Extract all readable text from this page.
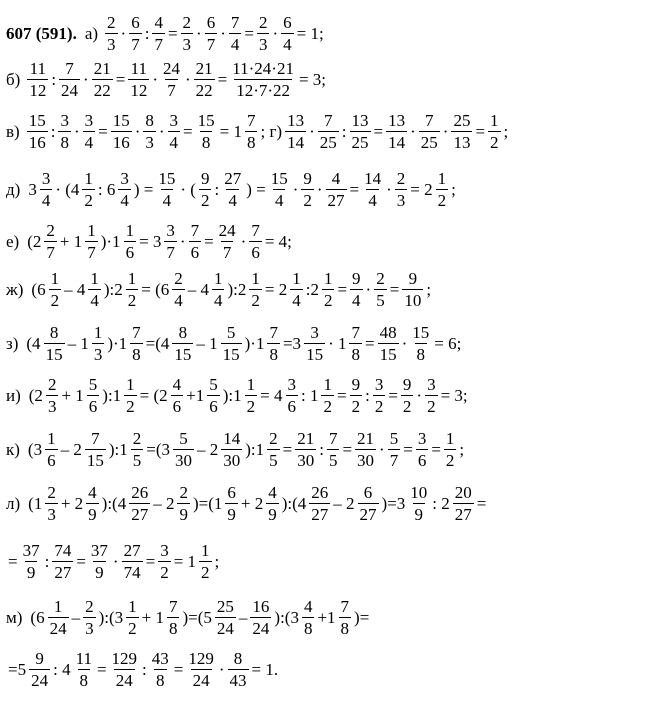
607 (591). $а) \frac{2}{3} \cdot \frac{6}{7}$ : $\frac{4}{7} = \frac{2}{3} \cdot \frac{6}{7} \cdot \frac{7}{4} = \frac{2}{3} \cdot \frac{6}{4} = 1$;
$б) \frac{11}{12}$ : $\frac{7}{24} \cdot \frac{21}{22} = \frac{11}{12} \cdot \frac{24}{7} \cdot \frac{21}{22} = \frac{11\cdot 24\cdot 21}{12\cdot 7\cdot 22} = 3$;
$в) \frac{15}{16}$ : $\frac{3}{8} \cdot \frac{3}{4} = \frac{15}{16} \cdot \frac{8}{3} \cdot \frac{3}{4} = \frac{15}{8} = 1 \frac{7}{8}$ ; $г) \frac{13}{14} \cdot \frac{7}{25}$ : $\frac{13}{25} = \frac{13}{14} \cdot \frac{7}{25} \cdot \frac{25}{13} = \frac{1}{2}$ ;
д) $3 \frac{3}{4} \cdot (4 \frac{1}{2}$ : $6 \frac{3}{4}$ ) = $\frac{15}{4}$ · ( $\frac{9}{2}$ : $\frac{27}{4}$ ) = $\frac{15}{4} \cdot \frac{9}{2} \cdot \frac{4}{27} = \frac{14}{4} \cdot \frac{2}{3} = 2 \frac{1}{2}$ ;
е) $(2 \frac{2}{7} + 1 \frac{1}{7} )\cdot 1 \frac{1}{6} = 3 \frac{3}{7} \cdot \frac{7}{6} = \frac{24}{7} \cdot \frac{7}{6} = 4$;
ж) ($6 \frac{1}{2} - 4 \frac{1}{4}$ ):2 $\frac{1}{2} = (6 \frac{2}{4} - 4 \frac{1}{4}$ ):2 $\frac{1}{2} = 2 \frac{1}{4}$ :2 $\frac{1}{2} = \frac{9}{4} \cdot \frac{2}{5} = \frac{9}{10}$ ;
з) $(4 \frac{8}{15} - 1 \frac{1}{3} )\cdot 1 \frac{7}{8} =(4 \frac{8}{15} - 1 \frac{5}{15} )\cdot 1 \frac{7}{8} =3 \frac{3}{15} \cdot 1 \frac{7}{8} = \frac{48}{15} \cdot \frac{15}{8} = 6$;
и) ($2 \frac{2}{3} + 1 \frac{5}{6}$ ):1 $\frac{1}{2} = (2 \frac{4}{6} +1 \frac{5}{6}$ ):1 $\frac{1}{2} = 4 \frac{3}{6}$ : $1 \frac{1}{2} = \frac{9}{2}$ : $\frac{3}{2} = \frac{9}{2} \cdot \frac{3}{2} = 3$;
к) ($3 \frac{1}{6} - 2 \frac{7}{15}$ ):1 $\frac{2}{5} =(3 \frac{5}{30} - 2 \frac{14}{30}$ ):1 $\frac{2}{5} = \frac{21}{30}$ : $\frac{7}{5} = \frac{21}{30} \cdot \frac{5}{7} = \frac{3}{6} = \frac{1}{2}$ ;
л) ($1 \frac{2}{3} + 2 \frac{4}{9}$ ):(4 $\frac{26}{27} - 2 \frac{2}{9} )=(1 \frac{6}{9} + 2 \frac{4}{9}$ ):(4 $\frac{26}{27} - 2 \frac{6}{27} )=3 \frac{10}{9}$ : $2 \frac{20}{27}$ =
= $\frac{37}{9}$ : $\frac{74}{27} = \frac{37}{9} \cdot \frac{27}{74} = \frac{3}{2} = 1 \frac{1}{2}$ ;
м) ($6 \frac{1}{24} - \frac{2}{3}$ ):(3 $\frac{1}{2} + 1 \frac{7}{8} )=(5 \frac{25}{24} - \frac{16}{24}$ ):(3 $\frac{4}{8} +1 \frac{7}{8}$ )=
$=5 \frac{9}{24}$ : $4 \frac{11}{8} = \frac{129}{24}$ : $\frac{43}{8} = \frac{129}{24} \cdot \frac{8}{43} = 1$.
